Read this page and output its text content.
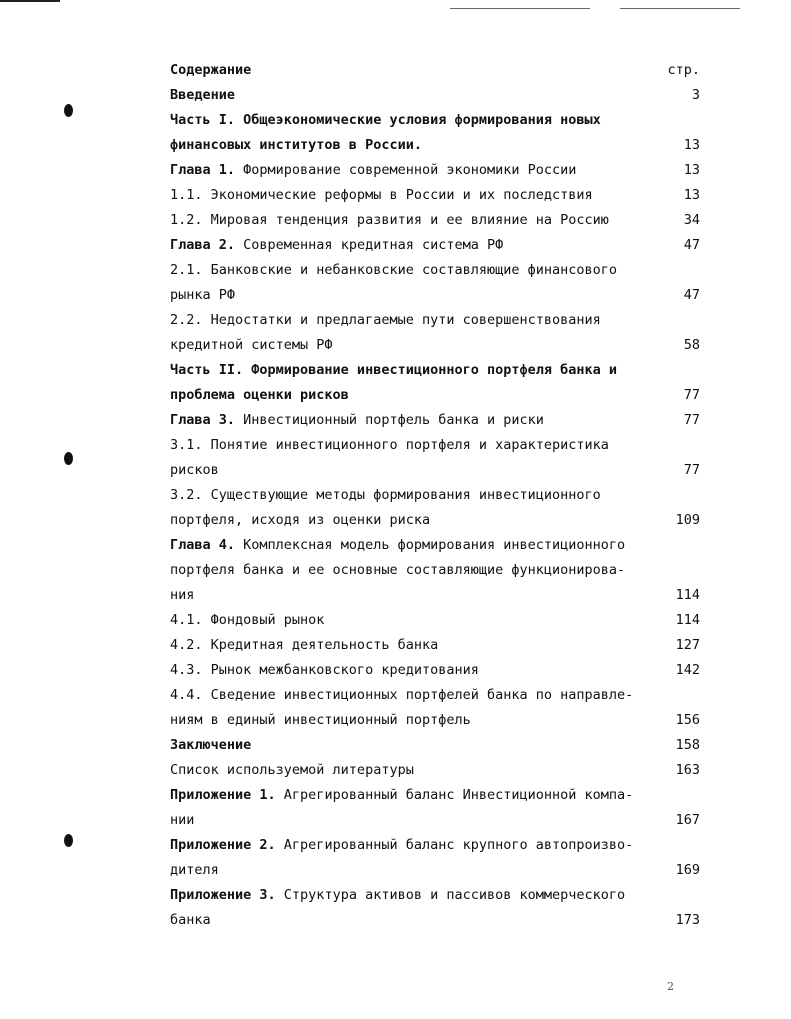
Содержание	стр.
Введение	3
Часть I. Общеэкономические условия формирования новых
финансовых институтов в России.	13
Глава 1. Формирование современной экономики России	13
1.1. Экономические реформы в России и их последствия	13
1.2. Мировая тенденция развития и ее влияние на Россию	34
Глава 2. Современная кредитная система РФ	47
2.1. Банковские и небанковские составляющие финансового
рынка РФ	47
2.2. Недостатки и предлагаемые пути совершенствования
кредитной системы РФ	58
Часть II. Формирование инвестиционного портфеля банка и
проблема оценки рисков	77
Глава 3. Инвестиционный портфель банка и риски	77
3.1. Понятие инвестиционного портфеля и характеристика
рисков	77
3.2. Существующие методы формирования инвестиционного
портфеля, исходя из оценки риска	109
Глава 4. Комплексная модель формирования инвестиционного
портфеля банка и ее основные составляющие функционирова-
ния	114
4.1. Фондовый рынок	114
4.2. Кредитная деятельность банка	127
4.3. Рынок межбанковского кредитования	142
4.4. Сведение инвестиционных портфелей банка по направле-
ниям в единый инвестиционный портфель	156
Заключение	158
Список используемой литературы	163
Приложение 1. Агрегированный баланс Инвестиционной компа-
нии	167
Приложение 2. Агрегированный баланс крупного автопроизво-
дителя	169
Приложение 3. Структура активов и пассивов коммерческого
банка	173
2
